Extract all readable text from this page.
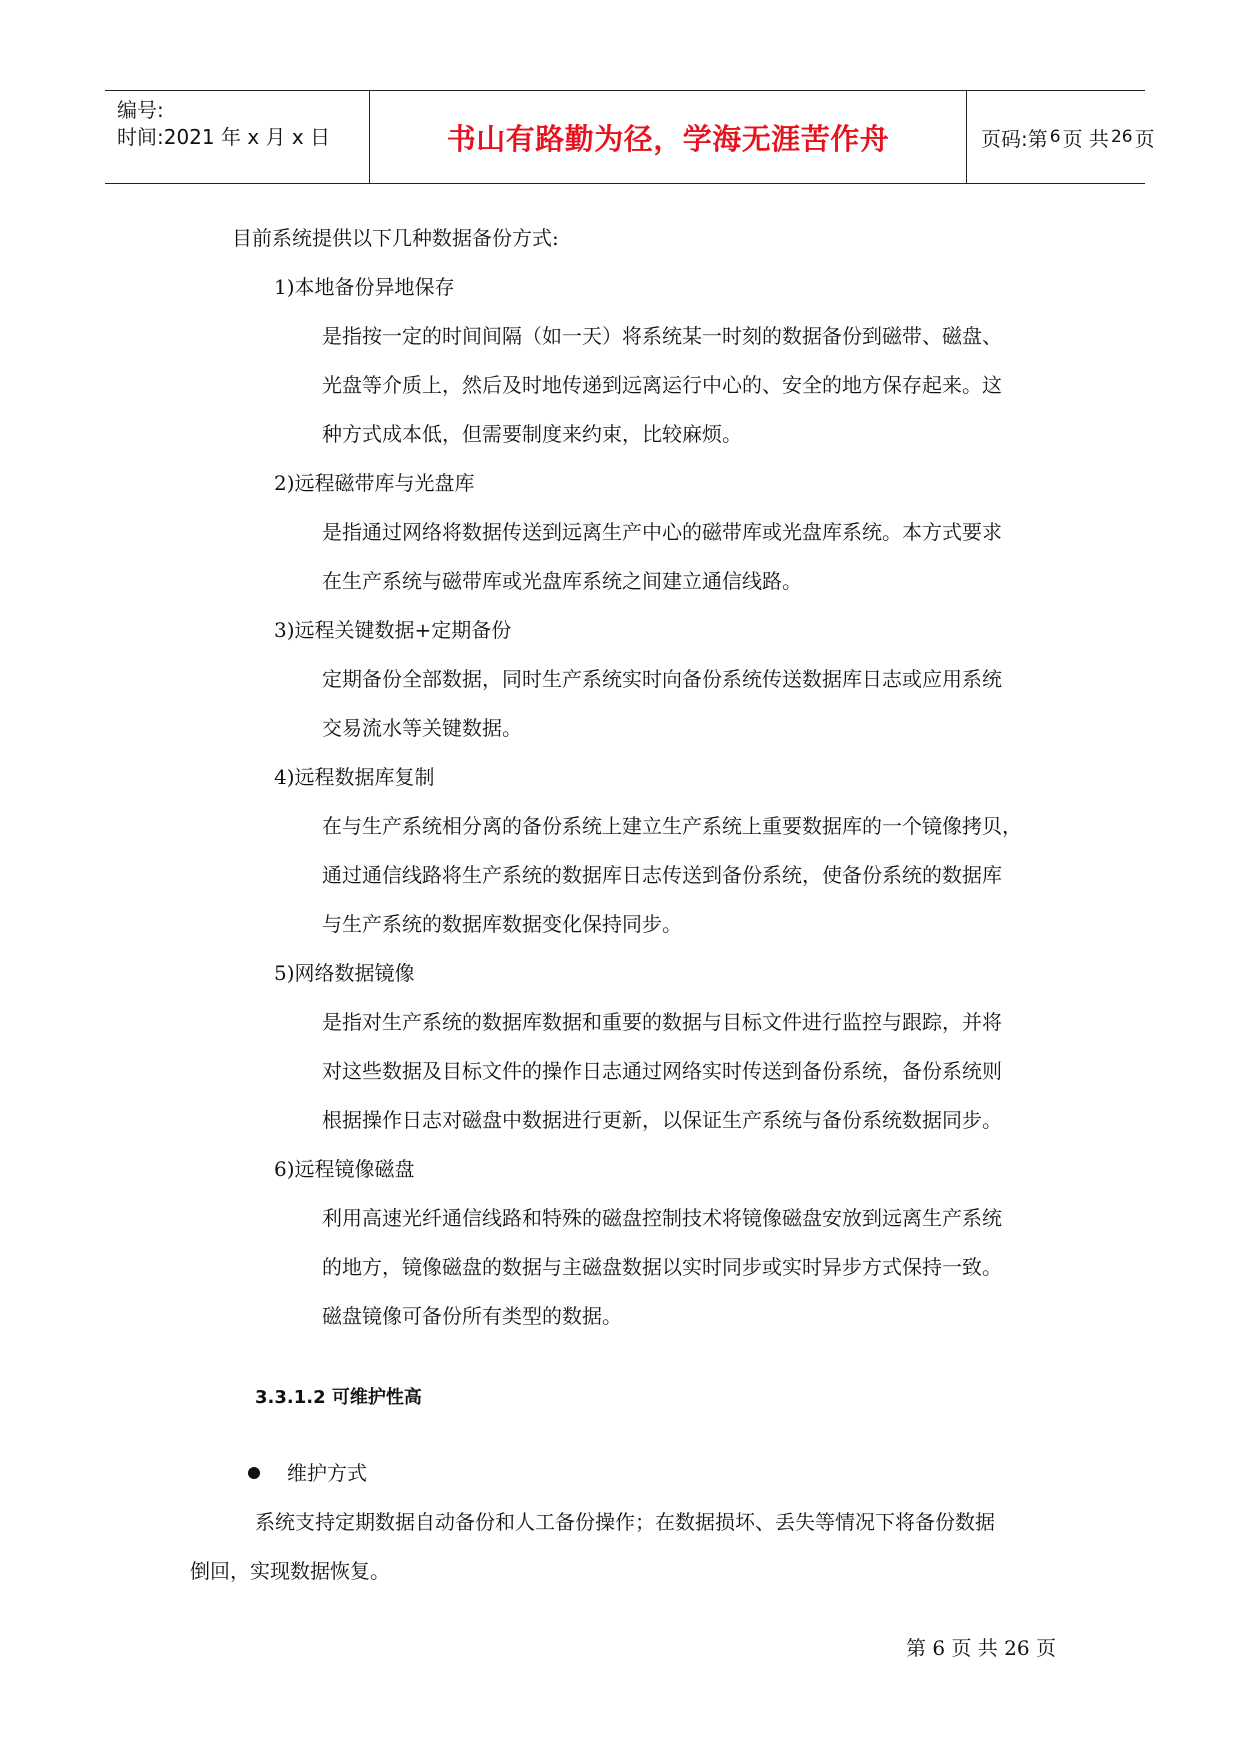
编号:
时间:2021 年 x 月 x 日	书山有路勤为径，学海无涯苦作舟	页码:第 6 页 共 26 页
目前系统提供以下几种数据备份方式:
1)本地备份异地保存
是指按一定的时间间隔（如一天）将系统某一时刻的数据备份到磁带、磁盘、
光盘等介质上，然后及时地传递到远离运行中心的、安全的地方保存起来。这
种方式成本低，但需要制度来约束，比较麻烦。
2)远程磁带库与光盘库
是指通过网络将数据传送到远离生产中心的磁带库或光盘库系统。本方式要求
在生产系统与磁带库或光盘库系统之间建立通信线路。
3)远程关键数据+定期备份
定期备份全部数据，同时生产系统实时向备份系统传送数据库日志或应用系统
交易流水等关键数据。
4)远程数据库复制
在与生产系统相分离的备份系统上建立生产系统上重要数据库的一个镜像拷贝，
通过通信线路将生产系统的数据库日志传送到备份系统，使备份系统的数据库
与生产系统的数据库数据变化保持同步。
5)网络数据镜像
是指对生产系统的数据库数据和重要的数据与目标文件进行监控与跟踪，并将
对这些数据及目标文件的操作日志通过网络实时传送到备份系统，备份系统则
根据操作日志对磁盘中数据进行更新，以保证生产系统与备份系统数据同步。
6)远程镜像磁盘
利用高速光纤通信线路和特殊的磁盘控制技术将镜像磁盘安放到远离生产系统
的地方，镜像磁盘的数据与主磁盘数据以实时同步或实时异步方式保持一致。
磁盘镜像可备份所有类型的数据。
3.3.1.2 可维护性高
维护方式
系统支持定期数据自动备份和人工备份操作；在数据损坏、丢失等情况下将备份数据
倒回，实现数据恢复。
第 6 页 共 26 页
